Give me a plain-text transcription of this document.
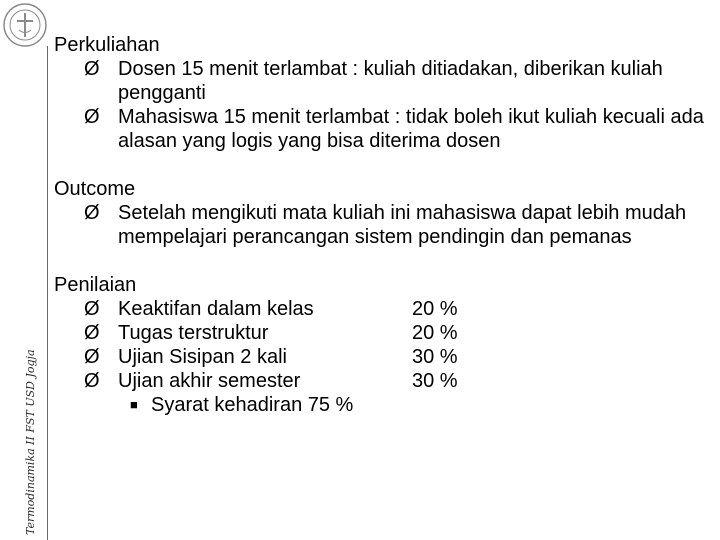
Termodinamika II FST USD Jogja
Perkuliahan
Ø Dosen 15 menit terlambat : kuliah ditiadakan, diberikan kuliah pengganti
Ø Mahasiswa 15 menit terlambat : tidak boleh ikut kuliah kecuali ada alasan yang logis yang bisa diterima dosen
Outcome
Ø Setelah mengikuti mata kuliah ini mahasiswa dapat lebih mudah mempelajari perancangan sistem pendingin dan pemanas
Penilaian
Ø Keaktifan dalam kelas	20 %
Ø Tugas terstruktur	20 %
Ø Ujian Sisipan 2 kali	30 %
Ø Ujian akhir semester	30 %
■ Syarat kehadiran 75 %
